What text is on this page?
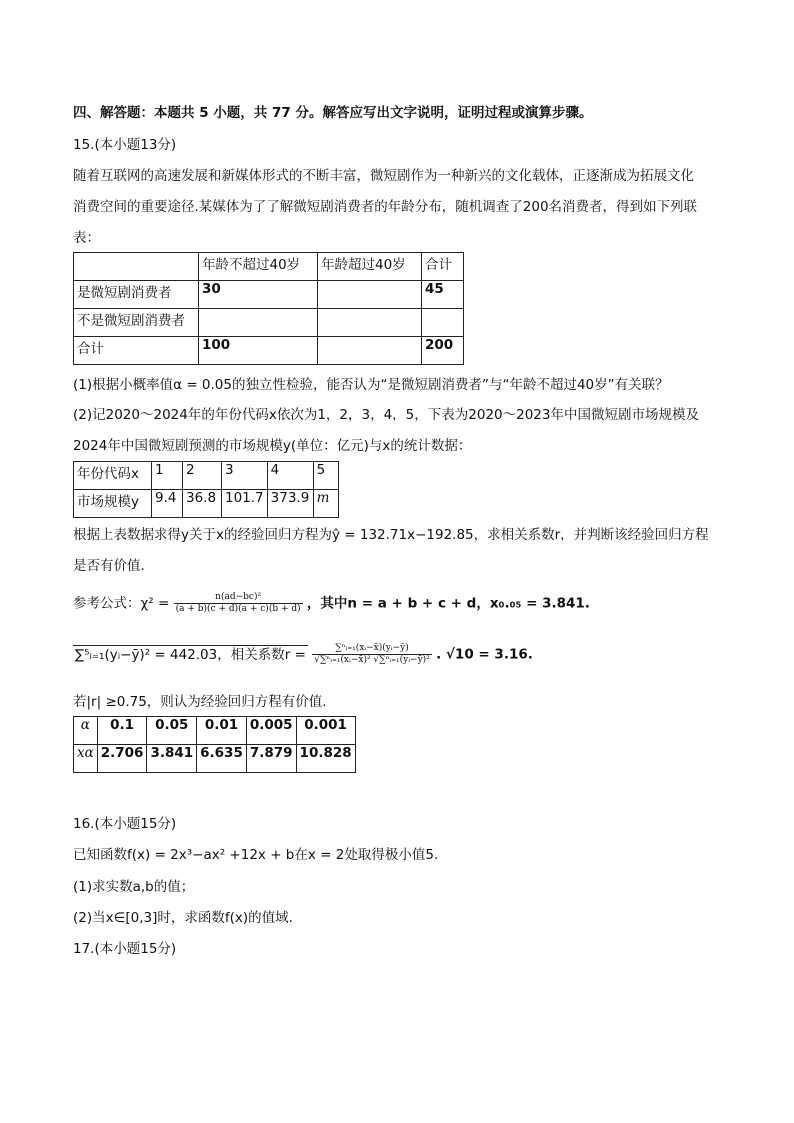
四、解答题：本题共 5 小题，共 77 分。解答应写出文字说明，证明过程或演算步骤。
15.(本小题13分)
随着互联网的高速发展和新媒体形式的不断丰富，微短剧作为一种新兴的文化载体，正逐渐成为拓展文化
消费空间的重要途径.某媒体为了了解微短剧消费者的年龄分布，随机调查了200名消费者，得到如下列联
表：
	年龄不超过40岁	年龄超过40岁	合计
是微短剧消费者	30		45
不是微短剧消费者			
合计	100		200
(1)根据小概率值α = 0.05的独立性检验，能否认为“是微短剧消费者”与“年龄不超过40岁”有关联？
(2)记2020～2024年的年份代码x依次为1，2，3，4，5，下表为2020～2023年中国微短剧市场规模及
2024年中国微短剧预测的市场规模y(单位：亿元)与x的统计数据：
年份代码x	1	2	3	4	5
市场规模y	9.4	36.8	101.7	373.9	m
根据上表数据求得y关于x的经验回归方程为ŷ = 132.71x−192.85，求相关系数r，并判断该经验回归方程
是否有价值.
参考公式：$\chi^2 = \frac{\text{n(ad−bc)²}}{(a + b)(c + d)(a + c)(b + d)}$ ，其中n = a + b + c + d，x₀.₀₅ = 3.841.
∑⁵ᵢ₌₁(yᵢ−ȳ)² = 442.03，相关系数$r = \frac{\text{∑ⁿᵢ₌₁(xᵢ−x̄)(yᵢ−ȳ)}}{\text{√∑ⁿᵢ₌₁(xᵢ−x̄)² √∑ⁿᵢ₌₁(yᵢ−ȳ)²}}$ . √10 = 3.16.
若|r| ≥0.75，则认为经验回归方程有价值.
α	0.1	0.05	0.01	0.005	0.001
xα	2.706	3.841	6.635	7.879	10.828
16.(本小题15分)
已知函数f(x) = 2x³−ax² +12x + b在x = 2处取得极小值5.
(1)求实数a,b的值；
(2)当x∈[0,3]时，求函数f(x)的值域.
17.(本小题15分)
